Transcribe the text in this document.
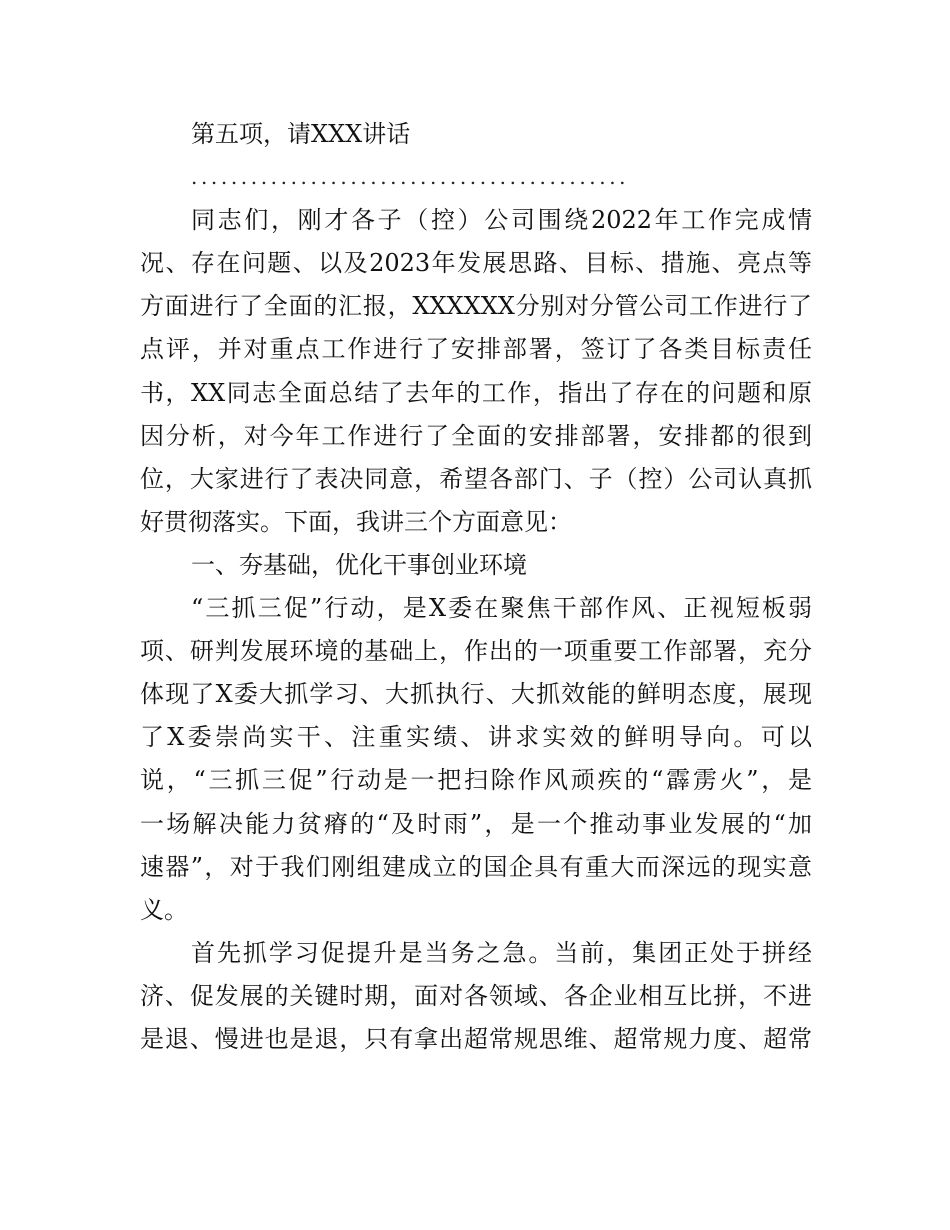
第五项，请XXX讲话
............................................
同志们，刚才各子（控）公司围绕2022年工作完成情
况、存在问题、以及2023年发展思路、目标、措施、亮点等
方面进行了全面的汇报，XXXXXX分别对分管公司工作进行了
点评，并对重点工作进行了安排部署，签订了各类目标责任
书，XX同志全面总结了去年的工作，指出了存在的问题和原
因分析，对今年工作进行了全面的安排部署，安排都的很到
位，大家进行了表决同意，希望各部门、子（控）公司认真抓
好贯彻落实。下面，我讲三个方面意见：
一、夯基础，优化干事创业环境
“三抓三促”行动，是X委在聚焦干部作风、正视短板弱
项、研判发展环境的基础上，作出的一项重要工作部署，充分
体现了X委大抓学习、大抓执行、大抓效能的鲜明态度，展现
了X委崇尚实干、注重实绩、讲求实效的鲜明导向。可以
说，“三抓三促”行动是一把扫除作风顽疾的“霹雳火”，是
一场解决能力贫瘠的“及时雨”，是一个推动事业发展的“加
速器”，对于我们刚组建成立的国企具有重大而深远的现实意
义。
首先抓学习促提升是当务之急。当前，集团正处于拼经
济、促发展的关键时期，面对各领域、各企业相互比拼，不进
是退、慢进也是退，只有拿出超常规思维、超常规力度、超常
